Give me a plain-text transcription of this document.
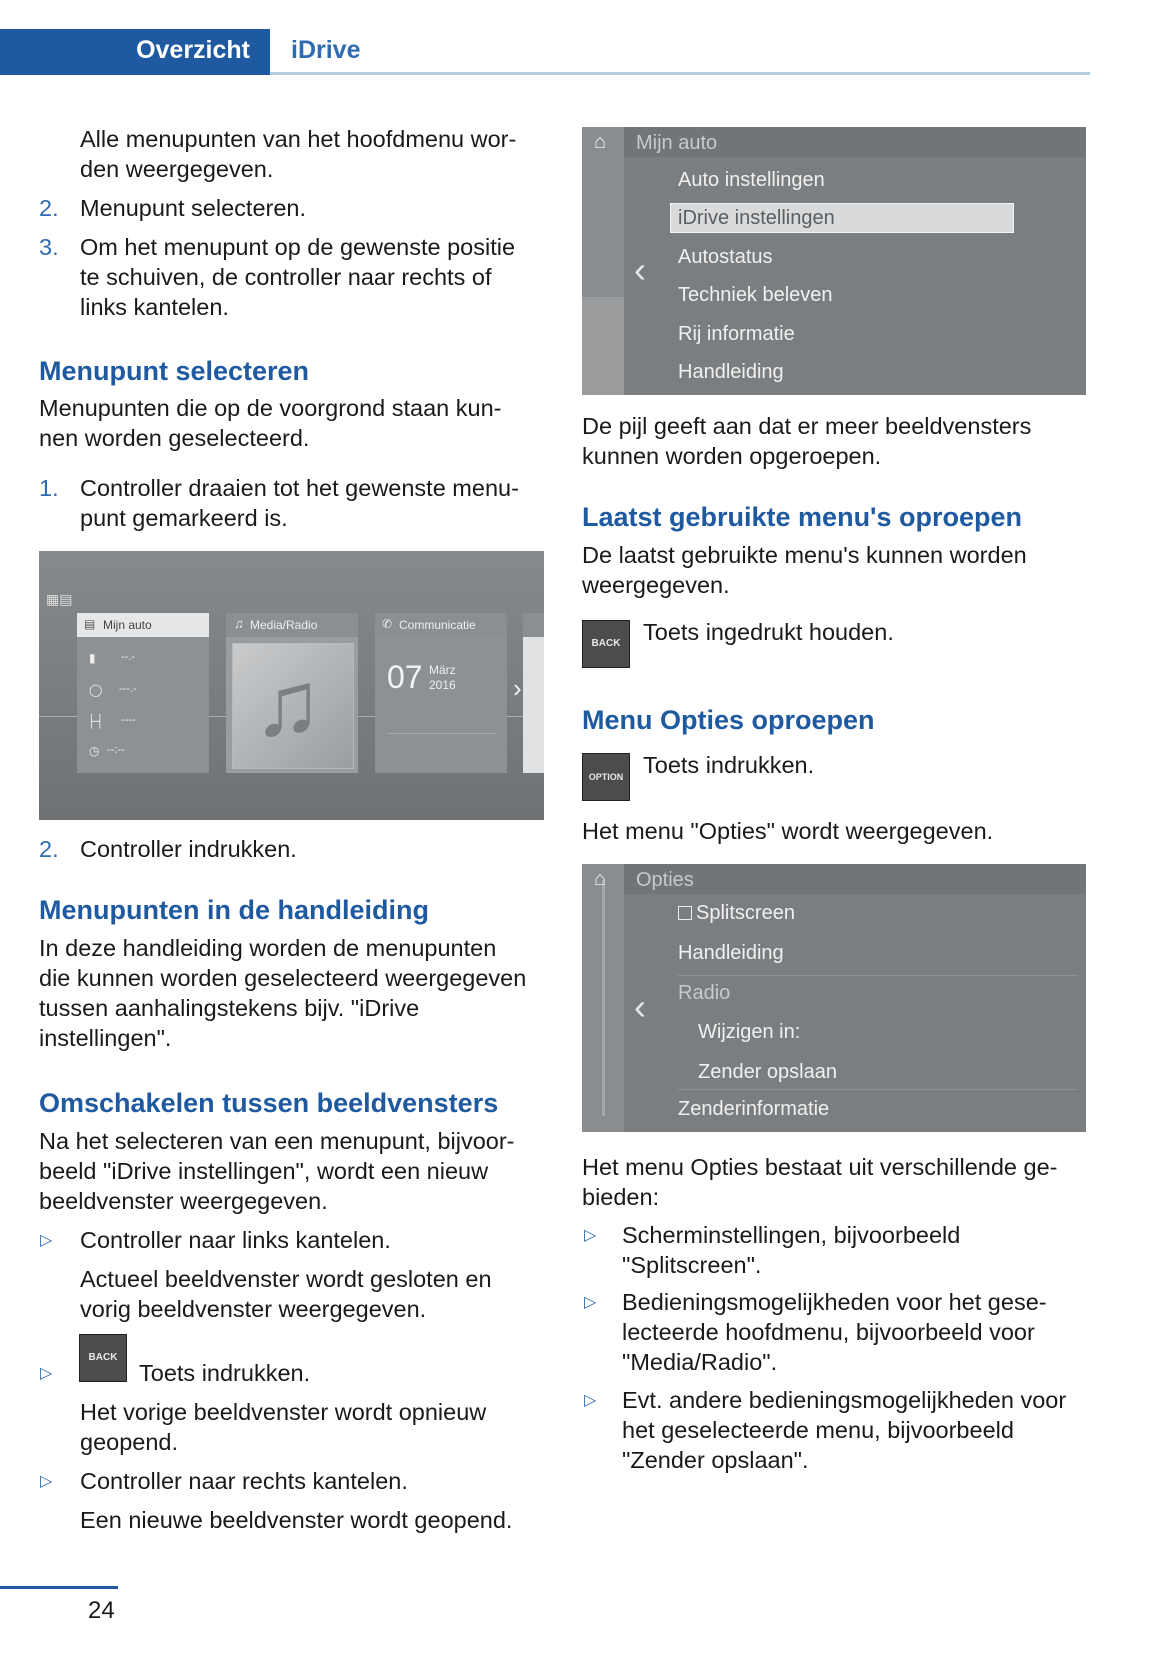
Overzicht iDrive
Alle menupunten van het hoofdmenu wor-
den weergegeven.
2. Menupunt selecteren.
3. Om het menupunt op de gewenste positie
te schuiven, de controller naar rechts of
links kantelen.
Menupunt selecteren
Menupunten die op de voorgrond staan kun-
nen worden geselecteerd.
1. Controller draaien tot het gewenste menu-
punt gemarkeerd is.
▦▤
▤ Mijn auto
▮ --.-
◯ ---.-
├┤ ----
◷ --:--
♫ Media/Radio
♫
✆ Communicatie
07 März
2016 ›
2. Controller indrukken.
Menupunten in de handleiding
In deze handleiding worden de menupunten
die kunnen worden geselecteerd weergegeven
tussen aanhalingstekens bijv. "iDrive
instellingen".
Omschakelen tussen beeldvensters
Na het selecteren van een menupunt, bijvoor-
beeld "iDrive instellingen", wordt een nieuw
beeldvenster weergegeven.
▷ Controller naar links kantelen.
Actueel beeldvenster wordt gesloten en
vorig beeldvenster weergegeven.
▷
BACK
Toets indrukken.
Het vorige beeldvenster wordt opnieuw
geopend.
▷ Controller naar rechts kantelen.
Een nieuwe beeldvenster wordt geopend.
⌂ Mijn auto
‹
Auto instellingen
iDrive instellingen
Autostatus
Techniek beleven
Rij informatie
Handleiding
De pijl geeft aan dat er meer beeldvensters
kunnen worden opgeroepen.
Laatst gebruikte menu's oproepen
De laatst gebruikte menu's kunnen worden
weergegeven.
BACK Toets ingedrukt houden.
Menu Opties oproepen
OPTION Toets indrukken.
Het menu "Opties" wordt weergegeven.
⌂ Opties
‹
Splitscreen
Handleiding
Radio
Wijzigen in:
Zender opslaan
Zenderinformatie
Het menu Opties bestaat uit verschillende ge-
bieden:
▷ Scherminstellingen, bijvoorbeeld
"Splitscreen".
▷ Bedieningsmogelijkheden voor het gese-
lecteerde hoofdmenu, bijvoorbeeld voor
"Media/Radio".
▷ Evt. andere bedieningsmogelijkheden voor
het geselecteerde menu, bijvoorbeeld
"Zender opslaan".
24
